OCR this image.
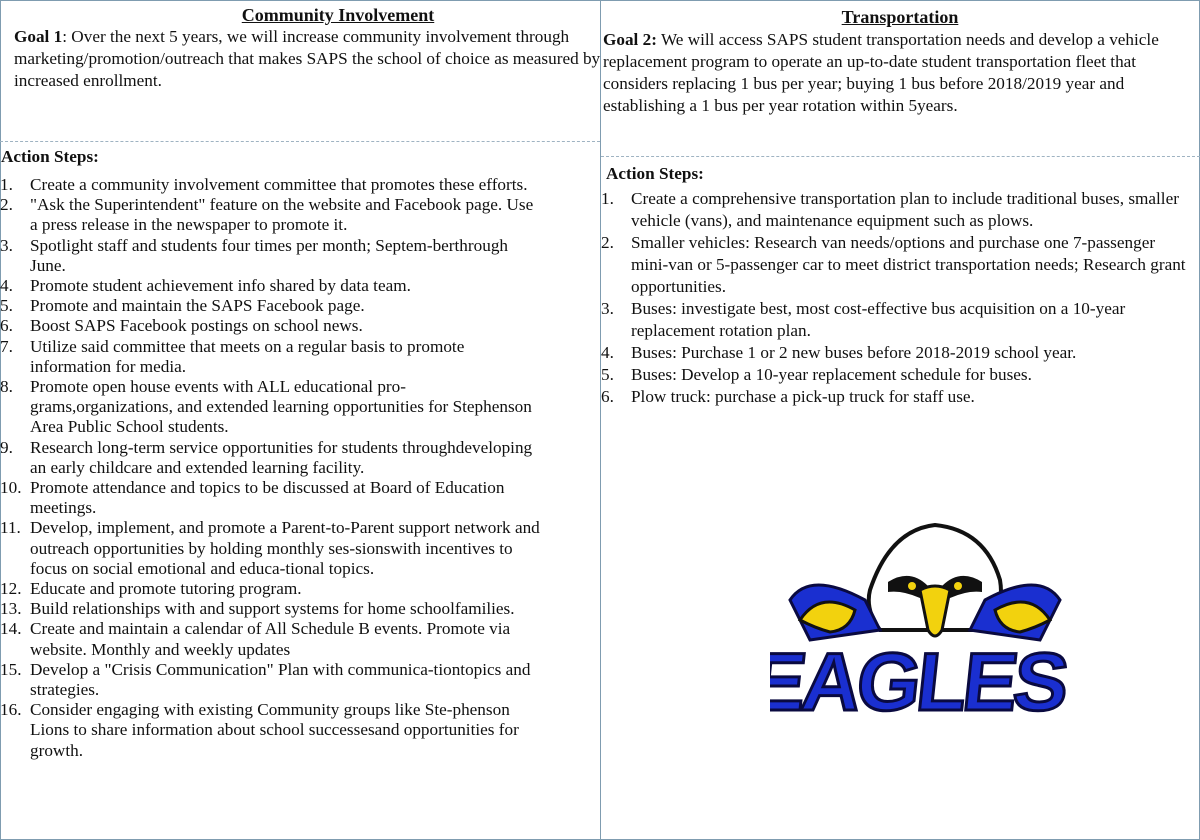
Community Involvement

Goal 1: Over the next 5 years, we will increase community involvement through marketing/promotion/outreach that makes SAPS the school of choice as measured by increased enrollment.

Action Steps:

1. Create a community involvement committee that promotes these efforts.
2. "Ask the Superintendent" feature on the website and Facebook page. Use a press release in the newspaper to promote it.
3. Spotlight staff and students four times per month; Septem-berthrough June.
4. Promote student achievement info shared by data team.
5. Promote and maintain the SAPS Facebook page.
6. Boost SAPS Facebook postings on school news.
7. Utilize said committee that meets on a regular basis to promote information for media.
8. Promote open house events with ALL educational pro-grams,organizations, and extended learning opportunities for Stephenson Area Public School students.
9. Research long-term service opportunities for students throughdeveloping an early childcare and extended learning facility.
10. Promote attendance and topics to be discussed at Board of Education meetings.
11. Develop, implement, and promote a Parent-to-Parent support network and outreach opportunities by holding monthly ses-sionswith incentives to focus on social emotional and educa-tional topics.
12. Educate and promote tutoring program.
13. Build relationships with and support systems for home schoolfamilies.
14. Create and maintain a calendar of All Schedule B events. Promote via website. Monthly and weekly updates
15. Develop a "Crisis Communication" Plan with communica-tiontopics and strategies.
16. Consider engaging with existing Community groups like Ste-phenson Lions to share information about school successesand opportunities for growth.
Transportation

Goal 2: We will access SAPS student transportation needs and develop a vehicle replacement program to operate an up-to-date student transportation fleet that considers replacing 1 bus per year; buying 1 bus before 2018/2019 year and establishing a 1 bus per year rotation within 5years.

Action Steps:

1. Create a comprehensive transportation plan to include traditional buses, smaller vehicle (vans), and maintenance equipment such as plows.
2. Smaller vehicles: Research van needs/options and purchase one 7-passenger mini-van or 5-passenger car to meet district transportation needs; Research grant opportunities.
3. Buses: investigate best, most cost-effective bus acquisition on a 10-year replacement rotation plan.
4. Buses: Purchase 1 or 2 new buses before 2018-2019 school year.
5. Buses: Develop a 10-year replacement schedule for buses.
6. Plow truck: purchase a pick-up truck for staff use.
EAGLES
